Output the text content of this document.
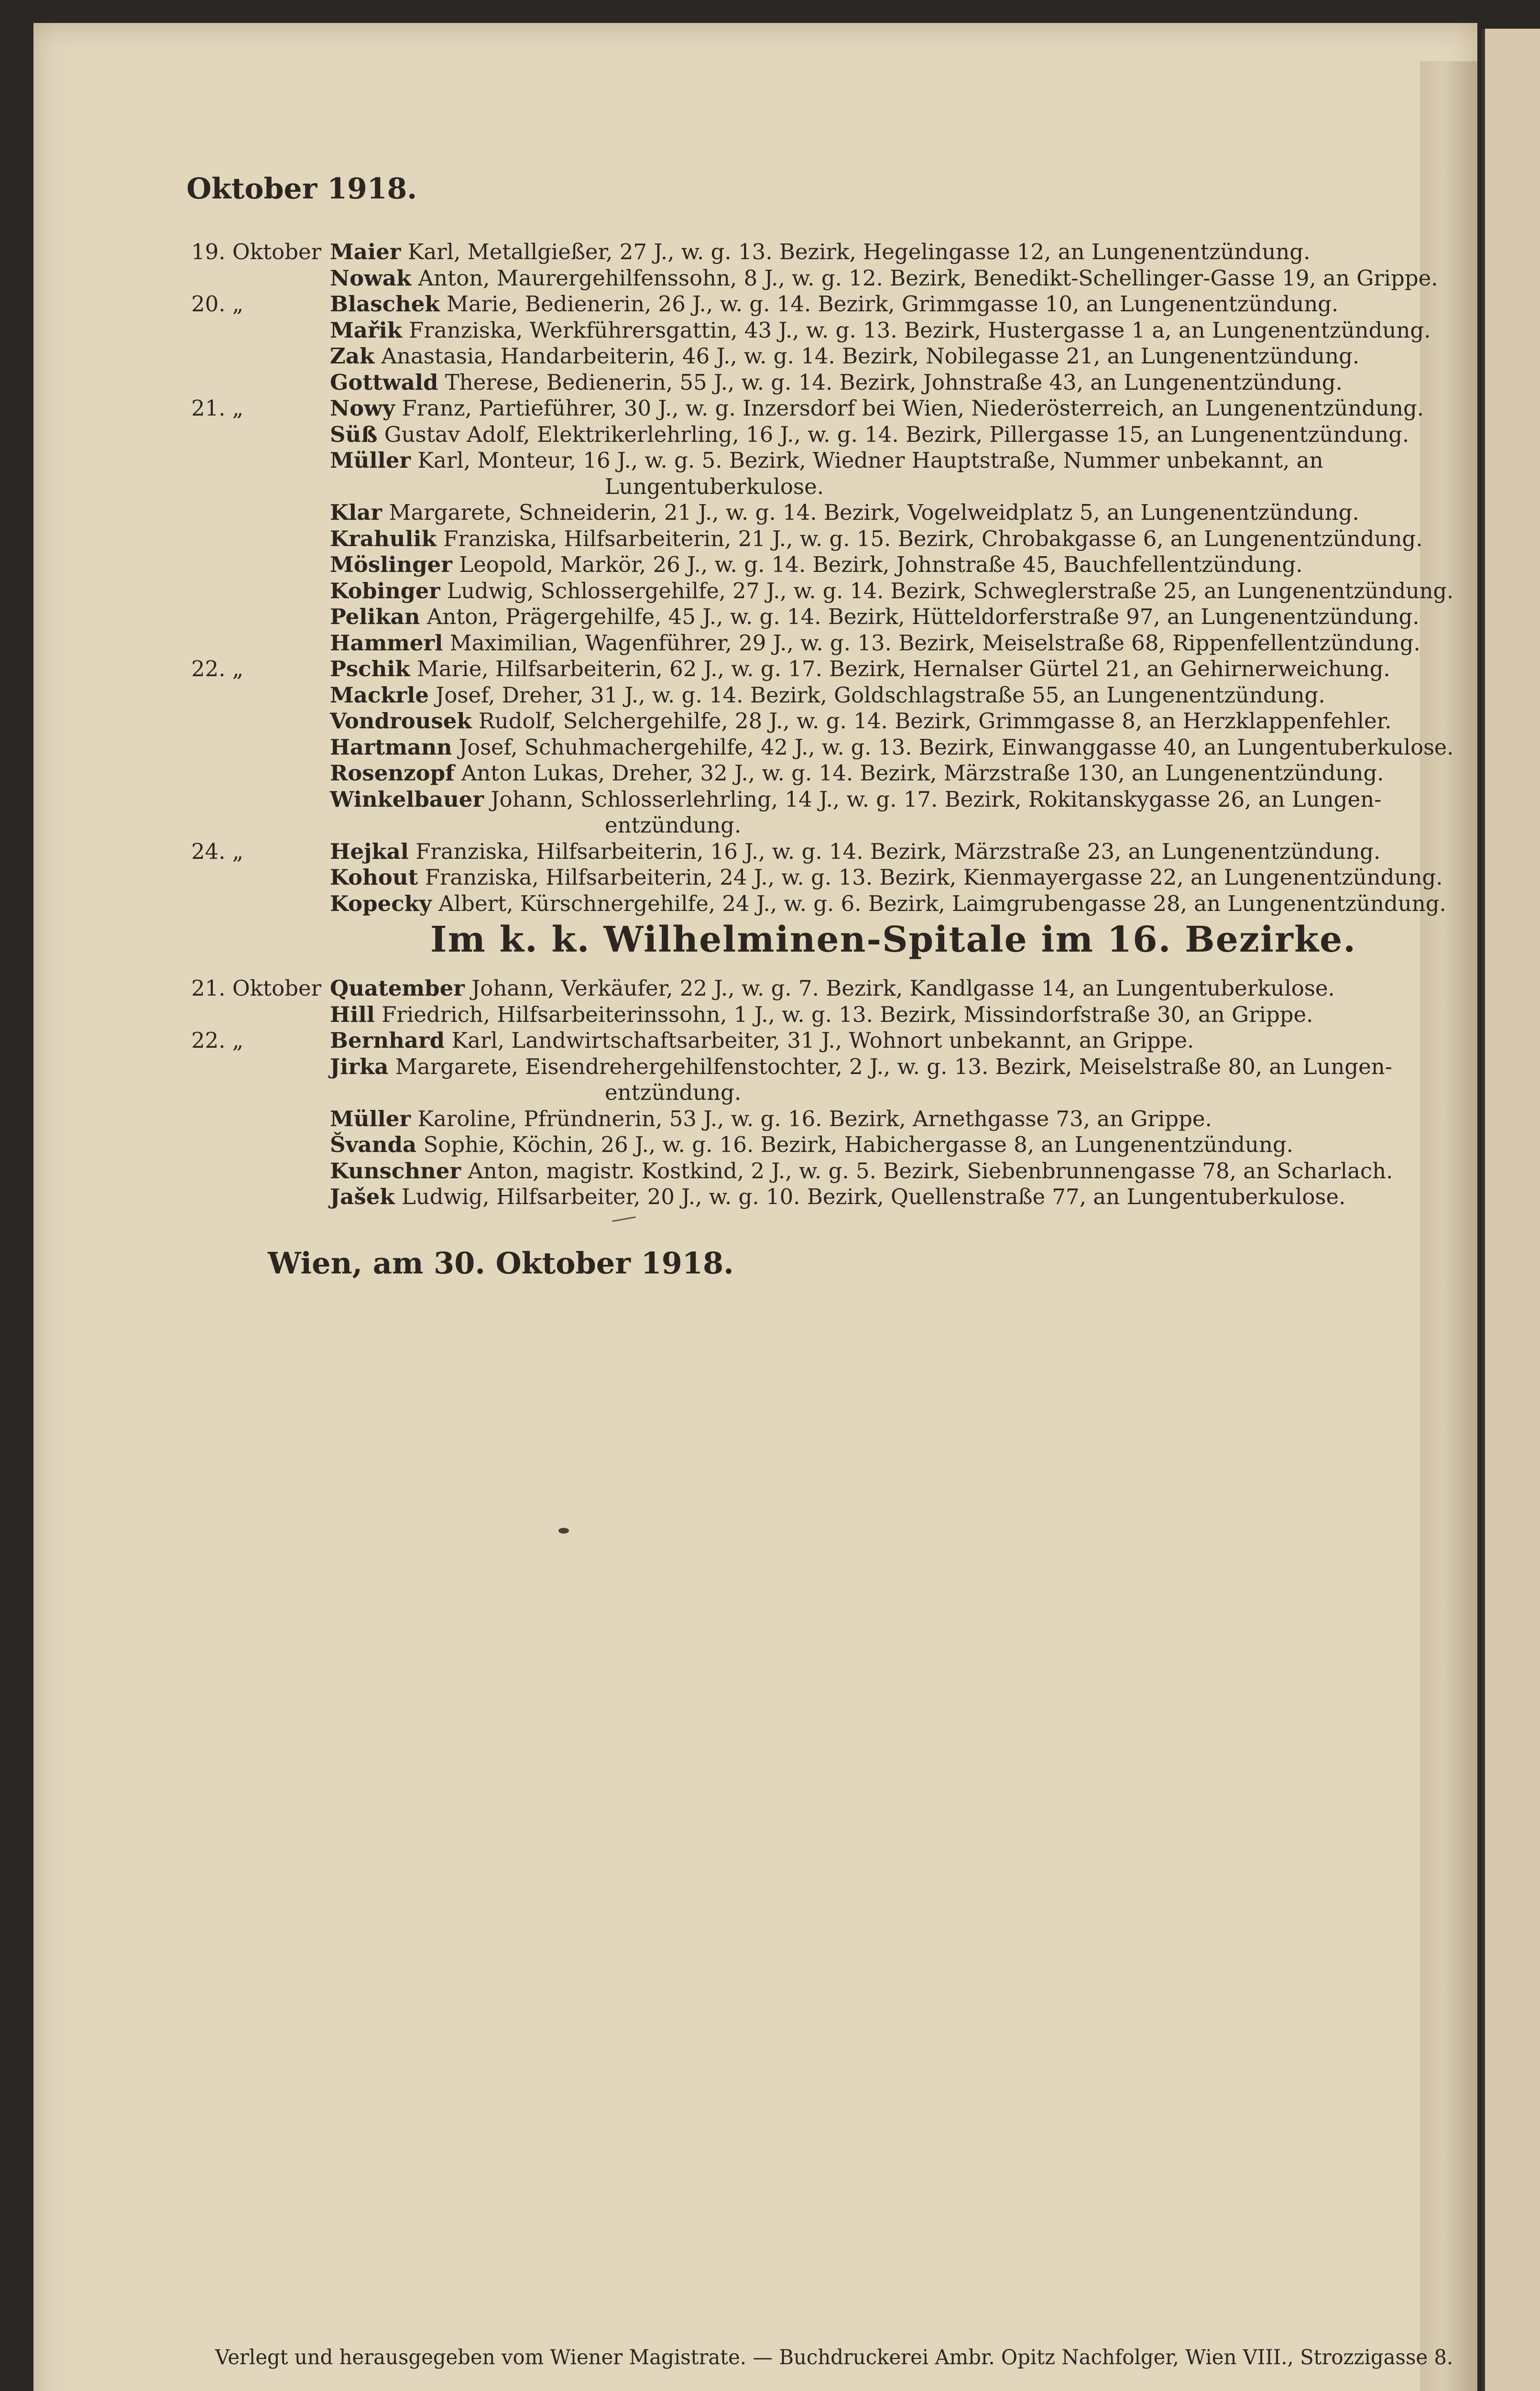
Oktober 1918.
19. Oktober Maier Karl, Metallgießer, 27 J., w. g. 13. Bezirk, Hegelingasse 12, an Lungenentzündung.
Nowak Anton, Maurergehilfenssohn, 8 J., w. g. 12. Bezirk, Benedikt-Schellinger-Gasse 19, an Grippe.
20. „	Blaschek Marie, Bedienerin, 26 J., w. g. 14. Bezirk, Grimmgasse 10, an Lungenentzündung.
Mařik Franziska, Werkführersgattin, 43 J., w. g. 13. Bezirk, Hustergasse 1 a, an Lungenentzündung.
Zak Anastasia, Handarbeiterin, 46 J., w. g. 14. Bezirk, Nobilegasse 21, an Lungenentzündung.
Gottwald Therese, Bedienerin, 55 J., w. g. 14. Bezirk, Johnstraße 43, an Lungenentzündung.
21. „	Nowy Franz, Partieführer, 30 J., w. g. Inzersdorf bei Wien, Niederösterreich, an Lungenentzündung.
Süß Gustav Adolf, Elektrikerlehrling, 16 J., w. g. 14. Bezirk, Pillergasse 15, an Lungenentzündung.
Müller Karl, Monteur, 16 J., w. g. 5. Bezirk, Wiedner Hauptstraße, Nummer unbekannt, an
Lungentuberkulose.
Klar Margarete, Schneiderin, 21 J., w. g. 14. Bezirk, Vogelweidplatz 5, an Lungenentzündung.
Krahulik Franziska, Hilfsarbeiterin, 21 J., w. g. 15. Bezirk, Chrobakgasse 6, an Lungenentzündung.
Möslinger Leopold, Markör, 26 J., w. g. 14. Bezirk, Johnstraße 45, Bauchfellentzündung.
Kobinger Ludwig, Schlossergehilfe, 27 J., w. g. 14. Bezirk, Schweglerstraße 25, an Lungenentzündung.
Pelikan Anton, Prägergehilfe, 45 J., w. g. 14. Bezirk, Hütteldorferstraße 97, an Lungenentzündung.
Hammerl Maximilian, Wagenführer, 29 J., w. g. 13. Bezirk, Meiselstraße 68, Rippenfellentzündung.
22. „	Pschik Marie, Hilfsarbeiterin, 62 J., w. g. 17. Bezirk, Hernalser Gürtel 21, an Gehirnerweichung.
Mackrle Josef, Dreher, 31 J., w. g. 14. Bezirk, Goldschlagstraße 55, an Lungenentzündung.
Vondrousek Rudolf, Selchergehilfe, 28 J., w. g. 14. Bezirk, Grimmgasse 8, an Herzklappenfehler.
Hartmann Josef, Schuhmachergehilfe, 42 J., w. g. 13. Bezirk, Einwanggasse 40, an Lungentuberkulose.
Rosenzopf Anton Lukas, Dreher, 32 J., w. g. 14. Bezirk, Märzstraße 130, an Lungenentzündung.
Winkelbauer Johann, Schlosserlehrling, 14 J., w. g. 17. Bezirk, Rokitanskygasse 26, an Lungen-
entzündung.
24. „	Hejkal Franziska, Hilfsarbeiterin, 16 J., w. g. 14. Bezirk, Märzstraße 23, an Lungenentzündung.
Kohout Franziska, Hilfsarbeiterin, 24 J., w. g. 13. Bezirk, Kienmayergasse 22, an Lungenentzündung.
Kopecky Albert, Kürschnergehilfe, 24 J., w. g. 6. Bezirk, Laimgrubengasse 28, an Lungenentzündung.
Im k. k. Wilhelminen-Spitale im 16. Bezirke.
21. Oktober Quatember Johann, Verkäufer, 22 J., w. g. 7. Bezirk, Kandlgasse 14, an Lungentuberkulose.
Hill Friedrich, Hilfsarbeiterinssohn, 1 J., w. g. 13. Bezirk, Missindorfstraße 30, an Grippe.
22. „	Bernhard Karl, Landwirtschaftsarbeiter, 31 J., Wohnort unbekannt, an Grippe.
Jirka Margarete, Eisendrehergehilfenstochter, 2 J., w. g. 13. Bezirk, Meiselstraße 80, an Lungen-
entzündung.
Müller Karoline, Pfründnerin, 53 J., w. g. 16. Bezirk, Arnethgasse 73, an Grippe.
Švanda Sophie, Köchin, 26 J., w. g. 16. Bezirk, Habichergasse 8, an Lungenentzündung.
Kunschner Anton, magistr. Kostkind, 2 J., w. g. 5. Bezirk, Siebenbrunnengasse 78, an Scharlach.
Jašek Ludwig, Hilfsarbeiter, 20 J., w. g. 10. Bezirk, Quellenstraße 77, an Lungentuberkulose.
Wien, am 30. Oktober 1918.
Verlegt und herausgegeben vom Wiener Magistrate. — Buchdruckerei Ambr. Opitz Nachfolger, Wien VIII., Strozzigasse 8.
